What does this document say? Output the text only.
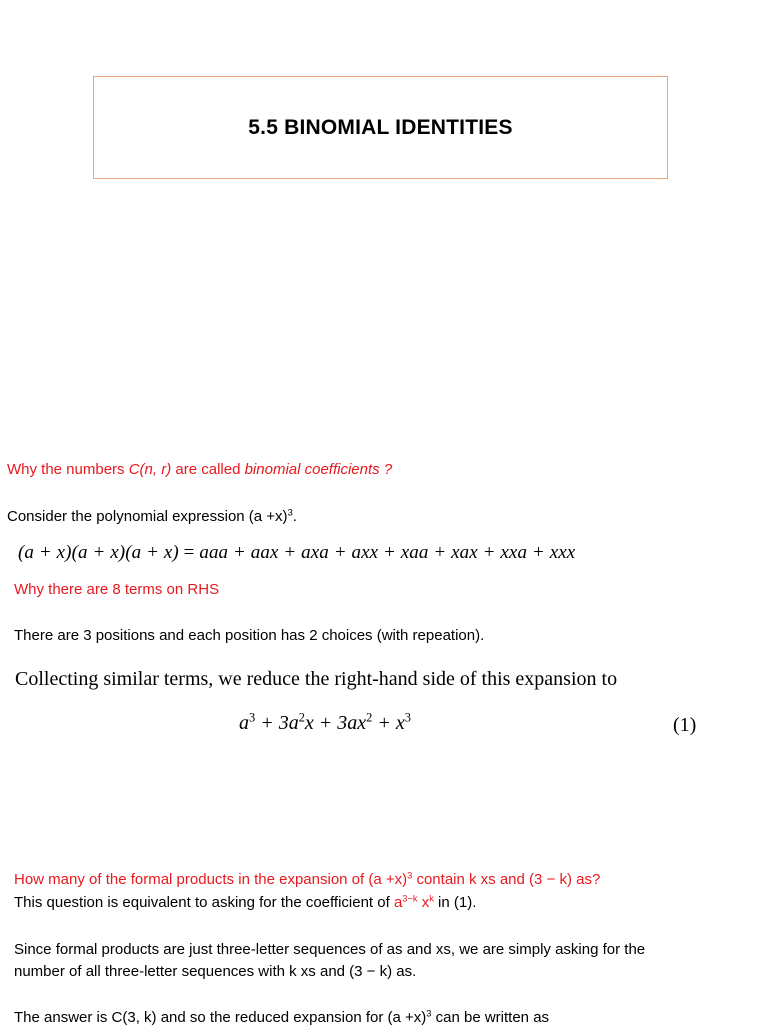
5.5 BINOMIAL IDENTITIES
Why the numbers C(n, r) are called binomial coefficients ?
Consider the polynomial expression $(a +x)^3$.
(a + x)(a + x)(a + x) = aaa + aax + axa + axx + xaa + xax + xxa + xxx
Why there are 8 terms on RHS
There are 3 positions and each position has 2 choices (with repeation).
Collecting similar terms, we reduce the right-hand side of this expansion to
$a^3 + 3a^2x + 3ax^2 + x^3$	(1)
How many of the formal products in the expansion of $(a +x)^3$ contain k xs and (3 − k) as?
This question is equivalent to asking for the coefficient of $a^{3-k}$ $x^k$ in (1).
Since formal products are just three-letter sequences of as and xs, we are simply asking for the
number of all three-letter sequences with k xs and (3 − k) as.
The answer is C(3, k) and so the reduced expansion for $(a +x)^3$ can be written as
